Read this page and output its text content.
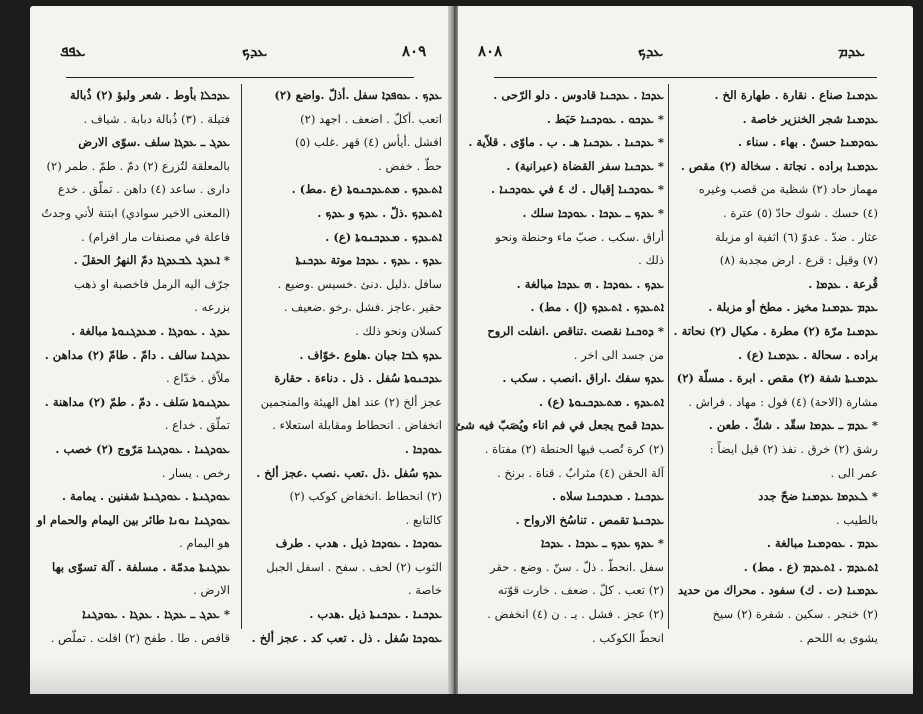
ܥܦܦ	ܥܕܟ	٨٠٩
ܥܕܟܠܐ بأوط . شعر ولبؤ (٢) ذُبالة
فتيلة . (٣) ذُبالة دبابة . شياف .
ܥܕܓ ـ ܥܕܓܐ سلف .سوّى الارض
بالمعلقة لتُزرع (٢) دمّ . طمّ . طمر (٢)
دارى . ساعد (٤) داهن . تملّق . خدع
(المعنى الاخير سوادي) ابتنة لأني وجدتُ
فاعلة في مصنفات مار افرام) .
* ܐܥܕܓ ܠܒܥܕܓܐ دمّ النهرُ الحقلَ .
جرّف اليه الرمل فاخصبة او ذهب
بزرعه .
ܥܕܓ . ܥܘܕܓܐ . ܡܥܕܓܢܘܬܐ مبالغة .
ܥܕܓܢܐ سالف . دامّ . طامّ (٢) مداهن .
ملاّق . خدّاع .
ܥܕܓܢܘܬܐ سَلف . دمّ . طمّ (٢) مداهنة .
تملّق . خداع .
ܥܘܕܓܢܐ . ܥܘܕܓܢܐ مَرّوج (٢) خصب .
رخص . يسار .
ܥܘܕܓܢܬܐ . ܥܘܕܓܢܬܐ شفنين . يمامة .
ܥܘܕܓܢܐ ܢܘܢܐ طائر بين اليمام والحمام او
هو اليمام .
ܥܕܓܢܬܐ مدمّة . مسلفة . آلة تسوّى بها
الارض .
* ܥܕܓ ـ ܥܕܓܐ . ܥܕܓܐ . ܥܘܕܓܢܐ
قافص . طا . طفح (٢) افلت . تملّص .
ܥܕܟ . ܥܘܦܕܐ سفل .أذلّ .واضع (٢)
اتعب .أكلّ . اضعف . اجهد (٢)
افشل .أيأس (٤) قهر .غلب (٥)
حطّ . خفض .
ܐܬܥܕܟ . ܡܬܥܕܟܢܘܬܐ (ع .مط) .
ܐܬܥܕܟ .ذلّ . ܥܕܟ و ܥܕܟ .
ܐܬܥܕܟ . ܡܥܕܟܢܘܬܐ (ع) .
ܥܕܟ . ܥܕܟ . ܥܕܟܐ موتة ܥܕܟܢܬܐ
سافل .ذليل .دنئ .خسيس .وضيع .
حقير .عاجز .فشل .رخو .ضعيف .
كسلان ونحو ذلك .
ܥܕܟ ܠܒܐ جبان .هلوع .خوّاف .
ܥܕܟܢܘܬܐ سُفل . ذل . دناءة . حقارة
عجز ألخ (٢) عند اهل الهيئة والمنجمين
انخفاض . انحطاط ومقابلة استعلاء .
ܥܘܕܟܐ .
ܥܕܟ سُفل .ذل .تعب .نصب .عجز ألخ .
(٢) انحطاط .انخفاض كوكب (٢)
كالتابع .
ܥܘܕܟܐ . ܥܘܕܟܐ ذيل . هدب . طرف
الثوب (٢) لحف . سفح . اسفل الجبل
خاصة .
ܥܕܟܢܐ . ܥܕܟܢܬܐ ذيل .هدب .
ܥܘܕܟܐ سُفل . ذل . تعب كد . عجز ألخ .
٨٠٨	ܥܕܟ	ܥܕܡ
ܥܕܟܐ . ܥܕܟܢܐ قادوس . دلو الرّحى .
* ܥܕܟܘ . ܥܘܕܟܢܐ حَبَط .
* ܥܕܟܢܐ . ܥܕܟܢܐ هـ . ب . ماوّى . قلاّية .
* ܥܕܟܢܐ سفر القضاة (عبرانية) .
* ܥܘܕܟܢܐ إقبال . ك ٤ في ܥܘܕܟܢܐ .
* ܥܕܟ ـ ܥܕܟܐ . ܥܘܕܟܐ سلك .
أراق .سكب . صبّ ماء وحنطة ونحو
ذلك .
ܥܕܟ . ܥܘܕܟܐ . ܗ ܥܕܟܐ مبالغة .
ܐܬܥܕܟ . ܐܬܥܕܟ (إ) . مط) .
* ܕܘܟܢܐ نقصت .تناقص .انفلت الروح
من جسد الى اخر .
ܥܕܟ سفك .اراق .انصب . سكب .
ܐܬܥܕܟ . ܡܬܥܕܟܢܘܬܐ (ع) .
ܥܕܟܐ قمح يجعل في فم اناء ويُصَبّ فيه شئ
(٢) كرة تُصب فيها الحنطة (٢) مفتاة .
آلة الحقن (٤) مثرابٌ . قناة . برنخ .
ܥܕܟܢܐ . ܡܥܕܟܢܐ سلاه .
ܥܕܟܢܬܐ تقمص . تناسُخ الارواح .
* ܥܕܟ ܥܕܟ ـ ܥܕܟܐ . ܥܕܟܐ
سفل .انحطّ . ذلّ . سنّ . وضع . حقر
(٢) تعب . كلّ . ضعف . خارت قوّته
(٢) عجز . فشل . يـ . ن (٤) انخفض .
انحطّ الكوكب .
ܥܕܡܢܐ صناع . نقارة . طهارة الخ .
ܥܕܡܢܐ شجر الخنزير خاصة .
ܥܘܕܡܢܐ حسنٌ . بهاء . سناء .
ܥܕܡܢܐ براده . نجاتة . سخالة (٢) مقص .
مهماز حاد (٢) شظية من قصب وغيره
(٤) حسك . شوك حادّ (٥) عترة .
عثار . ضدّ . عدوّ (٦) اثفية او مزبلة
(٧) وقيل : قرع . ارض مجدبة (٨)
قُرعة . ܥܕܡܐ .
ܥܕܡ ܥܕܡܢܐ مخيز . مطخ أو مزبلة .
ܥܕܡܢܐ مرّة (٢) مطرة . مكيال (٢) نحاتة .
براده . سحالة . ܥܕܡܢܐ (ع) .
ܥܕܡܢܬܐ شفة (٢) مقص . ابرة . مسلّة (٢)
مشارة (الاحة) (٤) قول : مهاد . فراش .
* ܥܕܡ ـ ܥܕܡܐ سقّد . شكّ . طعن .
رشق (٢) خرق . نفذ (٢) قيل ايضاً :
عمر الى .
* ܠܥܕܡܐ ܥܕܡܢܐ ضحّ جدد
بالطيب .
ܥܕܡ . ܥܘܕܡܢܐ مبالغة .
ܐܬܥܕܡ . ܐܬܥܕܡ (ع . مط) .
ܥܕܡܢܐ (ت . ك) سفود . محراك من حديد
(٢) خنجر . سكين . شفرة (٢) سيخ
يشوى به اللحم .
